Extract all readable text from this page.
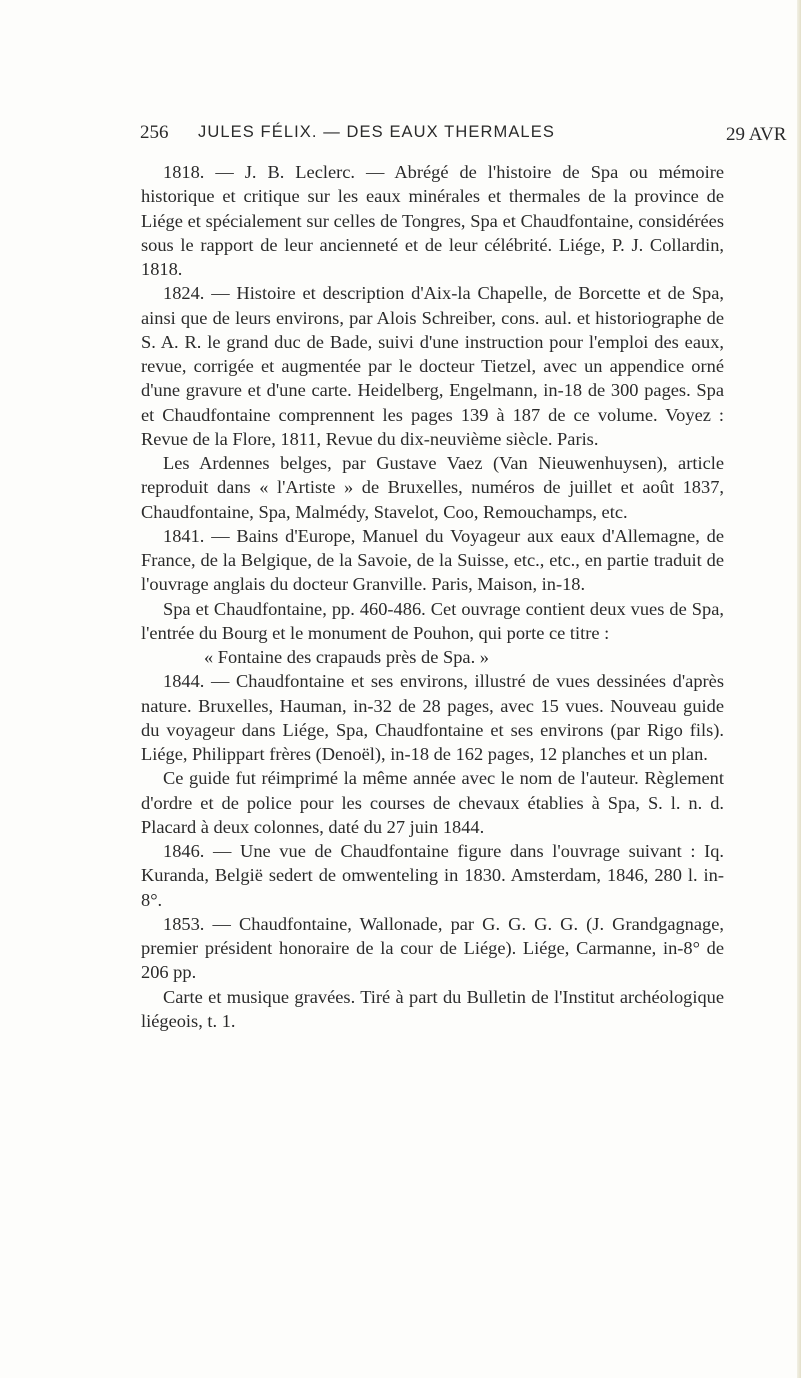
256 JULES FÉLIX. — DES EAUX THERMALES	29 AVR

1818. — J. B. Leclerc. — Abrégé de l'histoire de Spa ou mémoire historique et critique sur les eaux minérales et thermales de la province de Liége et spécialement sur celles de Tongres, Spa et Chaudfontaine, considérées sous le rapport de leur ancienneté et de leur célébrité. Liége, P. J. Collardin, 1818.

1824. — Histoire et description d'Aix-la Chapelle, de Borcette et de Spa, ainsi que de leurs environs, par Alois Schreiber, cons. aul. et historiographe de S. A. R. le grand duc de Bade, suivi d'une instruction pour l'emploi des eaux, revue, corrigée et augmentée par le docteur Tietzel, avec un appendice orné d'une gravure et d'une carte. Heidelberg, Engelmann, in-18 de 300 pages. Spa et Chaudfontaine comprennent les pages 139 à 187 de ce volume. Voyez : Revue de la Flore, 1811, Revue du dix-neuvième siècle. Paris.

Les Ardennes belges, par Gustave Vaez (Van Nieuwenhuysen), article reproduit dans « l'Artiste » de Bruxelles, numéros de juillet et août 1837, Chaudfontaine, Spa, Malmédy, Stavelot, Coo, Remouchamps, etc.

1841. — Bains d'Europe, Manuel du Voyageur aux eaux d'Allemagne, de France, de la Belgique, de la Savoie, de la Suisse, etc., etc., en partie traduit de l'ouvrage anglais du docteur Granville. Paris, Maison, in-18.

Spa et Chaudfontaine, pp. 460-486. Cet ouvrage contient deux vues de Spa, l'entrée du Bourg et le monument de Pouhon, qui porte ce titre :

« Fontaine des crapauds près de Spa. »

1844. — Chaudfontaine et ses environs, illustré de vues dessinées d'après nature. Bruxelles, Hauman, in-32 de 28 pages, avec 15 vues. Nouveau guide du voyageur dans Liége, Spa, Chaudfontaine et ses environs (par Rigo fils). Liége, Philippart frères (Denoël), in-18 de 162 pages, 12 planches et un plan.

Ce guide fut réimprimé la même année avec le nom de l'auteur. Règlement d'ordre et de police pour les courses de chevaux établies à Spa, S. l. n. d. Placard à deux colonnes, daté du 27 juin 1844.

1846. — Une vue de Chaudfontaine figure dans l'ouvrage suivant : Iq. Kuranda, België sedert de omwenteling in 1830. Amsterdam, 1846, 280 l. in-8°.

1853. — Chaudfontaine, Wallonade, par G. G. G. G. (J. Grandgagnage, premier président honoraire de la cour de Liége). Liége, Carmanne, in-8° de 206 pp.

Carte et musique gravées. Tiré à part du Bulletin de l'Institut archéologique liégeois, t. 1.
